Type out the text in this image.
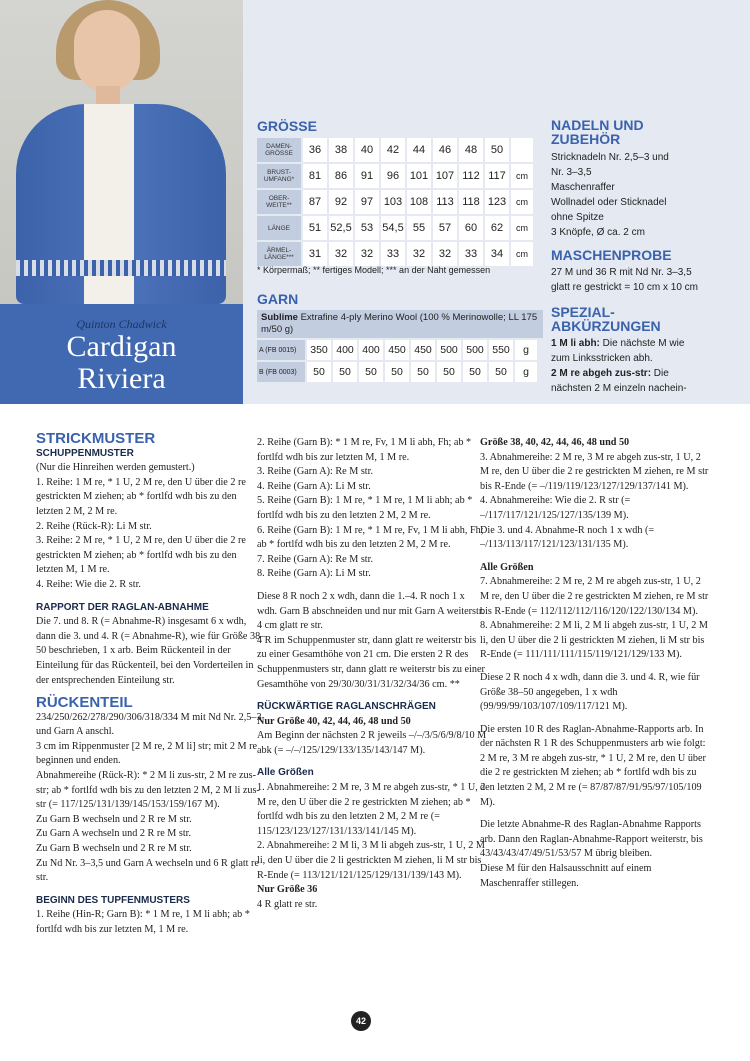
Quinton Chadwick
Cardigan
Riviera
GRÖSSE
DAMEN-GRÖSSE	36	38	40	42	44	46	48	50	
BRUST-UMFANG*	81	86	91	96	101	107	112	117	cm
OBER-WEITE**	87	92	97	103	108	113	118	123	cm
LÄNGE	51	52,5	53	54,5	55	57	60	62	cm
ÄRMEL-LÄNGE***	31	32	32	33	32	32	33	34	cm
* Körpermaß; ** fertiges Modell; *** an der Naht gemessen
GARN
Sublime Extrafine 4-ply Merino Wool (100 % Merinowolle; LL 175 m/50 g)
A (FB 0015)	350	400	400	450	450	500	500	550	g
B (FB 0003)	50	50	50	50	50	50	50	50	g
NADELN UND
ZUBEHÖR
Stricknadeln Nr. 2,5–3 und
Nr. 3–3,5
Maschenraffer
Wollnadel oder Sticknadel
ohne Spitze
3 Knöpfe, Ø ca. 2 cm
MASCHENPROBE
27 M und 36 R mit Nd Nr. 3–3,5
glatt re gestrickt = 10 cm x 10 cm
SPEZIAL-
ABKÜRZUNGEN
1 M li abh: Die nächste M wie
zum Linksstricken abh.
2 M re abgeh zus-str: Die
nächsten 2 M einzeln nachein-
STRICKMUSTER
SCHUPPENMUSTER

(Nur die Hinreihen werden gemustert.)

1. Reihe: 1 M re, * 1 U, 2 M re, den U über die 2 re gestrickten M ziehen; ab * fortlfd wdh bis zu den letzten 2 M, 2 M re.

2. Reihe (Rück-R): Li M str.

3. Reihe: 2 M re, * 1 U, 2 M re, den U über die 2 re gestrickten M ziehen; ab * fortlfd wdh bis zu den letzten M, 1 M re.

4. Reihe: Wie die 2. R str.

RAPPORT DER RAGLAN-ABNAHME

Die 7. und 8. R (= Abnahme-R) insgesamt 6 x wdh, dann die 3. und 4. R (= Abnahme-R), wie für Größe 38–50 beschrieben, 1 x arb. Beim Rückenteil in der Einteilung für das Rückenteil, bei den Vorderteilen in der entsprechenden Einteilung str.

RÜCKENTEIL

234/250/262/278/290/306/318/334 M mit Nd Nr. 2,5–3 und Garn A anschl.

3 cm im Rippenmuster [2 M re, 2 M li] str; mit 2 M re beginnen und enden.

Abnahmereihe (Rück-R): * 2 M li zus-str, 2 M re zus-str; ab * fortlfd wdh bis zu den letzten 2 M, 2 M li zus-str (= 117/125/131/139/145/153/159/167 M).

Zu Garn B wechseln und 2 R re M str.

Zu Garn A wechseln und 2 R re M str.

Zu Garn B wechseln und 2 R re M str.

Zu Nd Nr. 3–3,5 und Garn A wechseln und 6 R glatt re str.

BEGINN DES TUPFENMUSTERS

1. Reihe (Hin-R; Garn B): * 1 M re, 1 M li abh; ab * fortlfd wdh bis zur letzten M, 1 M re.

2. Reihe (Garn B): * 1 M re, Fv, 1 M li abh, Fh; ab * fortlfd wdh bis zur letzten M, 1 M re.

3. Reihe (Garn A): Re M str.

4. Reihe (Garn A): Li M str.

5. Reihe (Garn B): 1 M re, * 1 M re, 1 M li abh; ab * fortlfd wdh bis zu den letzten 2 M, 2 M re.

6. Reihe (Garn B): 1 M re, * 1 M re, Fv, 1 M li abh, Fh; ab * fortlfd wdh bis zu den letzten 2 M, 2 M re.

7. Reihe (Garn A): Re M str.

8. Reihe (Garn A): Li M str.

Diese 8 R noch 2 x wdh, dann die 1.–4. R noch 1 x wdh. Garn B abschneiden und nur mit Garn A weiterstr.

4 cm glatt re str.

4 R im Schuppenmuster str, dann glatt re weiterstr bis zu einer Gesamthöhe von 21 cm. Die ersten 2 R des Schuppenmusters str, dann glatt re weiterstr bis zu einer Gesamthöhe von 29/30/30/31/31/32/34/36 cm. **

RÜCKWÄRTIGE RAGLANSCHRÄGEN

Nur Größe 40, 42, 44, 46, 48 und 50

Am Beginn der nächsten 2 R jeweils –/–/3/5/6/9/8/10 M abk (= –/–/125/129/133/135/143/147 M).

Alle Größen

1. Abnahmereihe: 2 M re, 3 M re abgeh zus-str, * 1 U, 2 M re, den U über die 2 re gestrickten M ziehen; ab * fortlfd wdh bis zu den letzten 2 M, 2 M re (= 115/123/123/127/131/133/141/145 M).

2. Abnahmereihe: 2 M li, 3 M li abgeh zus-str, 1 U, 2 M li, den U über die 2 li gestrickten M ziehen, li M str bis R-Ende (= 113/121/121/125/129/131/139/143 M).

Nur Größe 36

4 R glatt re str.

Größe 38, 40, 42, 44, 46, 48 und 50

3. Abnahmereihe: 2 M re, 3 M re abgeh zus-str, 1 U, 2 M re, den U über die 2 re gestrickten M ziehen, re M str bis R-Ende (= –/119/119/123/127/129/137/141 M).

4. Abnahmereihe: Wie die 2. R str (= –/117/117/121/125/127/135/139 M).

Die 3. und 4. Abnahme-R noch 1 x wdh (= –/113/113/117/121/123/131/135 M).

Alle Größen

7. Abnahmereihe: 2 M re, 2 M re abgeh zus-str, 1 U, 2 M re, den U über die 2 re gestrickten M ziehen, re M str bis R-Ende (= 112/112/112/116/120/122/130/134 M).

8. Abnahmereihe: 2 M li, 2 M li abgeh zus-str, 1 U, 2 M li, den U über die 2 li gestrickten M ziehen, li M str bis R-Ende (= 111/111/111/115/119/121/129/133 M).

Diese 2 R noch 4 x wdh, dann die 3. und 4. R, wie für Größe 38–50 angegeben, 1 x wdh (99/99/99/103/107/109/117/121 M).

Die ersten 10 R des Raglan-Abnahme-Rapports arb. In der nächsten R 1 R des Schuppenmusters arb wie folgt: 2 M re, 3 M re abgeh zus-str, * 1 U, 2 M re, den U über die 2 re gestrickten M ziehen; ab * fortlfd wdh bis zu den letzten 2 M, 2 M re (= 87/87/87/91/95/97/105/109 M).

Die letzte Abnahme-R des Raglan-Abnahme Rapports arb. Dann den Raglan-Abnahme-Rapport weiterstr, bis 43/43/43/47/49/51/53/57 M übrig bleiben.

Diese M für den Halsausschnitt auf einem Maschenraffer stillegen.

42
